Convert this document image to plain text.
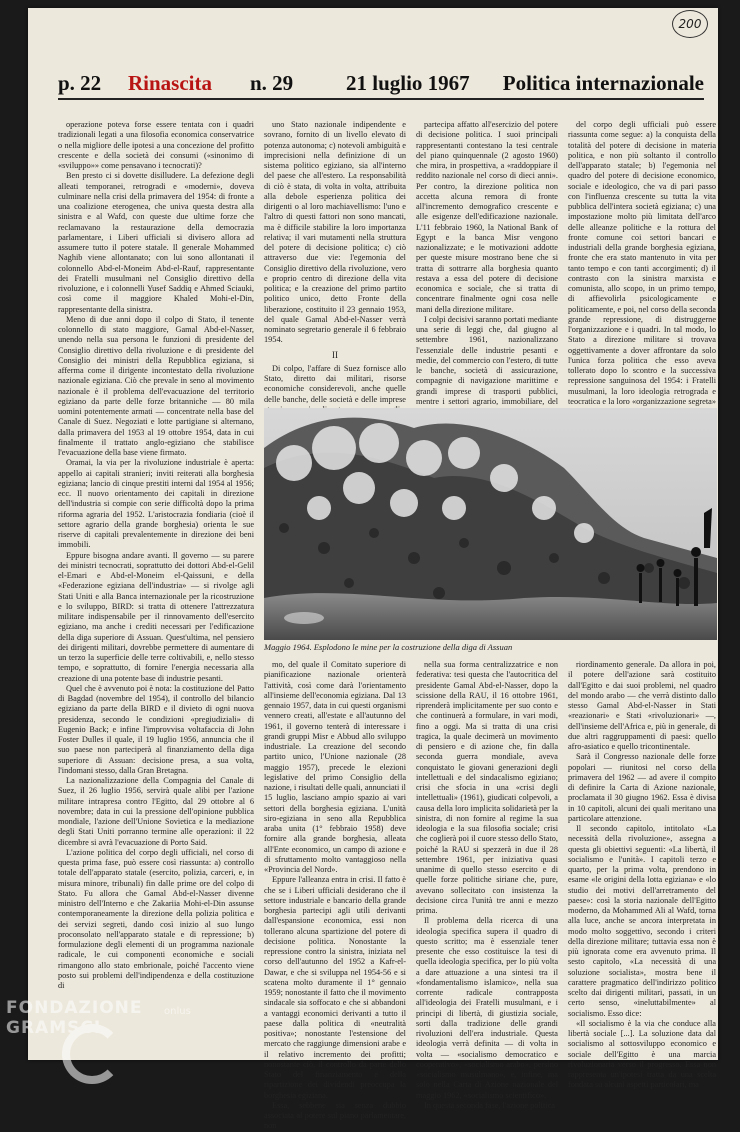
200
p. 22 Rinascita n. 29	21 luglio 1967 Politica internazionale

operazione poteva forse essere tentata con i quadri tradizionali legati a una filosofia economica conservatrice o nella migliore delle ipotesi a una concezione del profitto crescente e della società dei consumi («sinonimo di «sviluppo»» come pensavano i tecnocrati)?

Ben presto ci si dovette disilludere. La defezione degli alleati temporanei, retrogradi e «moderni», doveva culminare nella crisi della primavera del 1954: di fronte a una coalizione eterogenea, che univa questa destra alla sinistra e al Wafd, con queste due ultime forze che reclamavano la restaurazione della democrazia parlamentare, i Liberi ufficiali si divisero allora ad assumere tutto il potere statale. Il generale Mohammed Naghib viene allontanato; con lui sono allontanati il colonnello Abd-el-Moneim Abd-el-Rauf, rappresentante dei Fratelli musulmani nel Consiglio direttivo della rivoluzione, e i colonnelli Yusef Saddiq e Ahmed Sciauki, così come il maggiore Khaled Mohi-el-Din, rappresentante della sinistra.

Meno di due anni dopo il colpo di Stato, il tenente colonnello di stato maggiore, Gamal Abd-el-Nasser, unendo nella sua persona le funzioni di presidente del Consiglio direttivo della rivoluzione e di presidente del Consiglio dei ministri della Repubblica egiziana, si afferma come il dirigente incontestato della rivoluzione nazionale egiziana. Ciò che prevale in seno al movimento nazionale è il problema dell'evacuazione del territorio egiziano da parte delle forze britanniche — 80 mila uomini potentemente armati — concentrate nella base del Canale di Suez. Negoziati e lotte partigiane si alternano, dalla primavera del 1953 al 19 ottobre 1954, data in cui finalmente il trattato anglo-egiziano che stabilisce l'evacuazione della base viene firmato.

Oramai, la via per la rivoluzione industriale è aperta: appello ai capitali stranieri; inviti reiterati alla borghesia egiziana; lancio di cinque prestiti interni dal 1954 al 1956; ecc. Il nuovo orientamento dei capitali in direzione dell'industria si compie con serie difficoltà dopo la prima riforma agraria del 1952. L'aristocrazia fondiaria (cioè il settore agrario della grande borghesia) orienta le sue riserve di capitali prevalentemente in direzione dei beni immobili.

Eppure bisogna andare avanti. Il governo — su parere dei ministri tecnocrati, soprattutto dei dottori Abd-el-Gelil el-Emari e Abd-el-Moneim el-Qaissuni, e della «Federazione egiziana dell'industria» — si rivolge agli Stati Uniti e alla Banca internazionale per la ricostruzione e lo sviluppo, BIRD: si tratta di ottenere l'attrezzatura militare indispensabile per il rinnovamento dell'esercito egiziano, ma anche i crediti necessari per l'edificazione della diga superiore di Assuan. Quest'ultima, nel pensiero dei dirigenti militari, dovrebbe permettere di aumentare di un terzo la superficie delle terre coltivabili, e, nello stesso tempo, e soprattutto, di fornire l'energia necessaria alla creazione di una potente base di industrie pesanti.

Quel che è avvenuto poi è nota: la costituzione del Patto di Bagdad (novembre del 1954), il controllo del bilancio egiziano da parte della BIRD e il divieto di ogni nuova presidenza, secondo le condizioni «pregiudiziali» di Eugenio Back; e infine l'improvvisa voltafaccia di John Foster Dulles il quale, il 19 luglio 1956, annuncia che il suo paese non parteciperà al finanziamento della diga superiore di Assuan: decisione presa, a sua volta, l'indomani stesso, dalla Gran Bretagna.

La nazionalizzazione della Compagnia del Canale di Suez, il 26 luglio 1956, servirà quale alibi per l'azione militare intrapresa contro l'Egitto, dal 29 ottobre al 6 novembre; data in cui la pressione dell'opinione pubblica mondiale, l'azione dell'Unione Sovietica e la mediazione degli Stati Uniti porranno termine alle operazioni: il 22 dicembre si avrà l'evacuazione di Porto Said.

L'azione politica del corpo degli ufficiali, nel corso di questa prima fase, può essere così riassunta: a) controllo totale dell'apparato statale (esercito, polizia, carceri, e, in misura minore, tribunali) fin dalle prime ore del colpo di Stato. Fu allora che Gamal Abd-el-Nasser divenne ministro dell'Interno e che Zakariia Mohi-el-Din assunse contemporaneamente la direzione della polizia politica e dei servizi segreti, dando così inizio al suo lungo proconsolato nell'apparato statale e di repressione; b) formulazione degli elementi di un programma nazionale radicale, le cui componenti economiche e sociali rimangono allo stato embrionale, poiché l'accento viene posto sui problemi dell'indipendenza e della costituzione di

uno Stato nazionale indipendente e sovrano, fornito di un livello elevato di potenza autonoma; c) notevoli ambiguità e imprecisioni nella definizione di un sistema politico egiziano, sia all'interno del paese che all'estero. La responsabilità di ciò è stata, di volta in volta, attribuita alla debole esperienza politica dei dirigenti o al loro machiavellismo: l'uno e l'altro di questi fattori non sono mancati, ma è difficile stabilire la loro importanza relativa; il vari mutamenti nella struttura del potere di decisione politica; c) ciò attraverso due vie: l'egemonia del Consiglio direttivo della rivoluzione, vero e proprio centro di direzione della vita politica; e la creazione del primo partito politico unico, detto Fronte della liberazione, costituito il 23 gennaio 1953, del quale Gamal Abd-el-Nasser verrà nominato segretario generale il 6 febbraio 1954.

II

Di colpo, l'affare di Suez fornisce allo Stato, diretto dai militari, risorse economiche considerevoli, anche quelle delle banche, delle società e delle imprese

partecipa affatto all'esercizio del potere di decisione politica. I suoi principali rappresentanti contestano la tesi centrale del piano quinquennale (2 agosto 1960) che mira, in prospettiva, a «raddoppiare il reddito nazionale nel corso di dieci anni». Per contro, la direzione politica non accetta alcuna remora di fronte all'incremento demografico crescente e alle esigenze dell'edificazione nazionale. L'11 febbraio 1960, la National Bank of Egypt e la banca Misr vengono nazionalizzate; e le motivazioni addotte per queste misure mostrano bene che si tratta di sottrarre alla borghesia quanto restava a essa del potere di decisione economica e sociale, che si tratta di concentrare finalmente ogni cosa nelle mani della direzione militare.

I colpi decisivi saranno portati mediante una serie di leggi che, dal giugno al settembre 1961, nazionalizzano l'essenziale delle industrie pesanti e medie, del commercio con l'estero, di tutte le banche, società di assicurazione, compagnie di navigazione marittime e grandi imprese di trasporti pubblici, mentre i settori agrario, immobiliare, del

del corpo degli ufficiali può essere riassunta come segue: a) la conquista della totalità del potere di decisione in materia politica, e non più soltanto il controllo dell'apparato statale; b) l'egemonia nel quadro del potere di decisione economico, sociale e ideologico, che va di pari passo con l'influenza crescente su tutta la vita pubblica dell'intera società egiziana; c) una impostazione molto più limitata dell'arco delle alleanze politiche e la rottura del fronte comune coi settori bancari e industriali della grande borghesia egiziana, fronte che era stato mantenuto in vita per tanto tempo e con tanti accorgimenti; d) il contrasto con la sinistra marxista e comunista, allo scopo, in un primo tempo, di affievolirla psicologicamente e politicamente, e poi, nel corso della seconda grande repressione, di distruggerne l'organizzazione e i quadri. In tal modo, lo Stato a direzione militare si trovava oggettivamente a dover affrontare da solo l'unica forza politica che esso aveva tollerato dopo lo scontro e la successiva repressione sanguinosa del 1954: i Fratelli musulmani, la loro ideologia retrograda e teocratica e la loro «organizzazione segreta»

Maggio 1964. Esplodono le mine per la costruzione della diga di Assuan

mo, del quale il Comitato superiore di pianificazione nazionale orienterà l'attività, così come darà l'orientamento all'insieme dell'economia egiziana. Dal 13 gennaio 1957, data in cui questi organismi vennero creati, all'estate e all'autunno del 1961, il governo tenterà di interessare i grandi gruppi Misr e Abbud allo sviluppo industriale. La creazione del secondo partito unico, l'Unione nazionale (28 maggio 1957), precede le elezioni legislative del primo Consiglio della nazione, i risultati delle quali, annunciati il 15 luglio, lasciano ampio spazio ai vari settori della borghesia egiziana. L'unità siro-egiziana in seno alla Repubblica araba unita (1° febbraio 1958) deve fornire alla grande borghesia, alleata all'Ente economico, un campo di azione e di sfruttamento molto vantaggioso nella «Provincia del Nord».

Eppure l'alleanza entra in crisi. Il fatto è che se i Liberi ufficiali desiderano che il settore industriale e bancario della grande borghesia partecipi agli utili derivanti dall'espansione economica, essi non tollerano alcuna spartizione del potere di decisione politica. Nonostante la repressione contro la sinistra, iniziata nel corso dell'autunno del 1952 a Kafr-el-Dawar, e che si sviluppa nel 1954-56 e si scatena molto duramente il 1° gennaio 1959; nonostante il fatto che il movimento sindacale sia soffocato e che si abbandoni a vantaggi economici derivanti a tutto il paese dalla politica di «neutralità positiva»; nonostante l'estensione del mercato che raggiunge dimensioni arabe e il relativo incremento dei profitti; nonostante ciò, il controllo da parte dello Stato del finanziamento e della ripartizione dei dividendi preoccupa la borghesia egiziana.

Essa, sebbene sia senza dubbio associata al potere sul piano parlamentare, non

nella sua forma centralizzatrice e non federativa: tesi questa che l'autocritica del presidente Gamal Abd-el-Nasser, dopo la scissione della RAU, il 16 ottobre 1961, riprenderà implicitamente per suo conto e che continuerà a formulare, in vari modi, fino a oggi. Ma si tratta di una crisi tragica, la quale decimerà un movimento di pensiero e di azione che, fin dalla seconda guerra mondiale, aveva conquistato le giovani generazioni degli intellettuali e del sindacalismo egiziano; crisi che sfocia in una «crisi degli intellettuali» (1961), giudicati colpevoli, a causa della loro implicita solidarietà per la sinistra, di non fornire al regime la sua ideologia e la sua filosofia sociale; crisi che coglierà poi il cuore stesso dello Stato, poiché la RAU si spezzerà in due il 28 settembre 1961, per iniziativa quasi unanime di quello stesso esercito e di quelle forze politiche siriane che, pure, avevano sollecitato con insistenza la decisione circa l'unità tre anni e mezzo prima.

Il problema della ricerca di una ideologia specifica supera il quadro di questo scritto; ma è essenziale tener presente che esso costituisce la tesi di quella ideologia specifica, per lo più volta a dare attuazione a una sintesi tra il «fondamentalismo islamico», nella sua corrente radicale contrapposta all'ideologia dei Fratelli musulmani, e i principi di libertà, di giustizia sociale, sorti dalla tradizione delle grandi rivoluzioni dell'era industriale. Questa ideologia verrà definita — di volta in volta — «socialismo democratico e cooperativo», «socialismo arabo», persino «socialismo musulmano», e, infine, ma solo nella Carta di Azione nazionale del maggio 1962, «socialismo scientifico».

In questa seconda fase, l'azione politica

riordinamento generale. Da allora in poi, il potere dell'azione sarà costituito dall'Egitto e dai suoi problemi, nel quadro del mondo arabo — che verrà distinto dallo stesso Gamal Abd-el-Nasser in Stati «reazionari» e Stati «rivoluzionari» —, dell'insieme dell'Africa e, più in generale, di due altri raggruppamenti di paesi: quello afro-asiatico e quello tricontinentale.

Sarà il Congresso nazionale delle forze popolari — riunitosi nel corso della primavera del 1962 — ad avere il compito di definire la Carta di Azione nazionale, proclamata il 30 giugno 1962. Essa è divisa in 10 capitoli, alcuni dei quali meritano una particolare attenzione.

Il secondo capitolo, intitolato «La necessità della rivoluzione», assegna a questa gli obiettivi seguenti: «La libertà, il socialismo e l'unità». I capitoli terzo e quarto, per la prima volta, prendono in esame «le origini della lotta egiziana» e «lo studio dei motivi dell'arretramento del paese»: così la storia nazionale dell'Egitto moderno, da Mohammed Ali al Wafd, torna alla luce, anche se ancora interpretata in modo molto soggettivo, secondo i criteri della direzione militare; tuttavia essa non è più ignorata come era avvenuto prima. Il sesto capitolo, «La necessità di una soluzione socialista», mostra bene il carattere pragmatico dell'indirizzo politico scelto dai dirigenti militari, passati, in un certo senso, «ineluttabilmente» al socialismo. Esso dice:

«Il socialismo è la via che conduce alla libertà sociale [...]. La soluzione data dal socialismo al sottosviluppo economico e sociale dell'Egitto è una marcia rivoluzionaria verso il progresso. Essa non rappresenta un'ipotesi tratta da una scelta fondata su alcuni aspetti particolari, ma

FONDAZIONE GRAMSCI
onlus
